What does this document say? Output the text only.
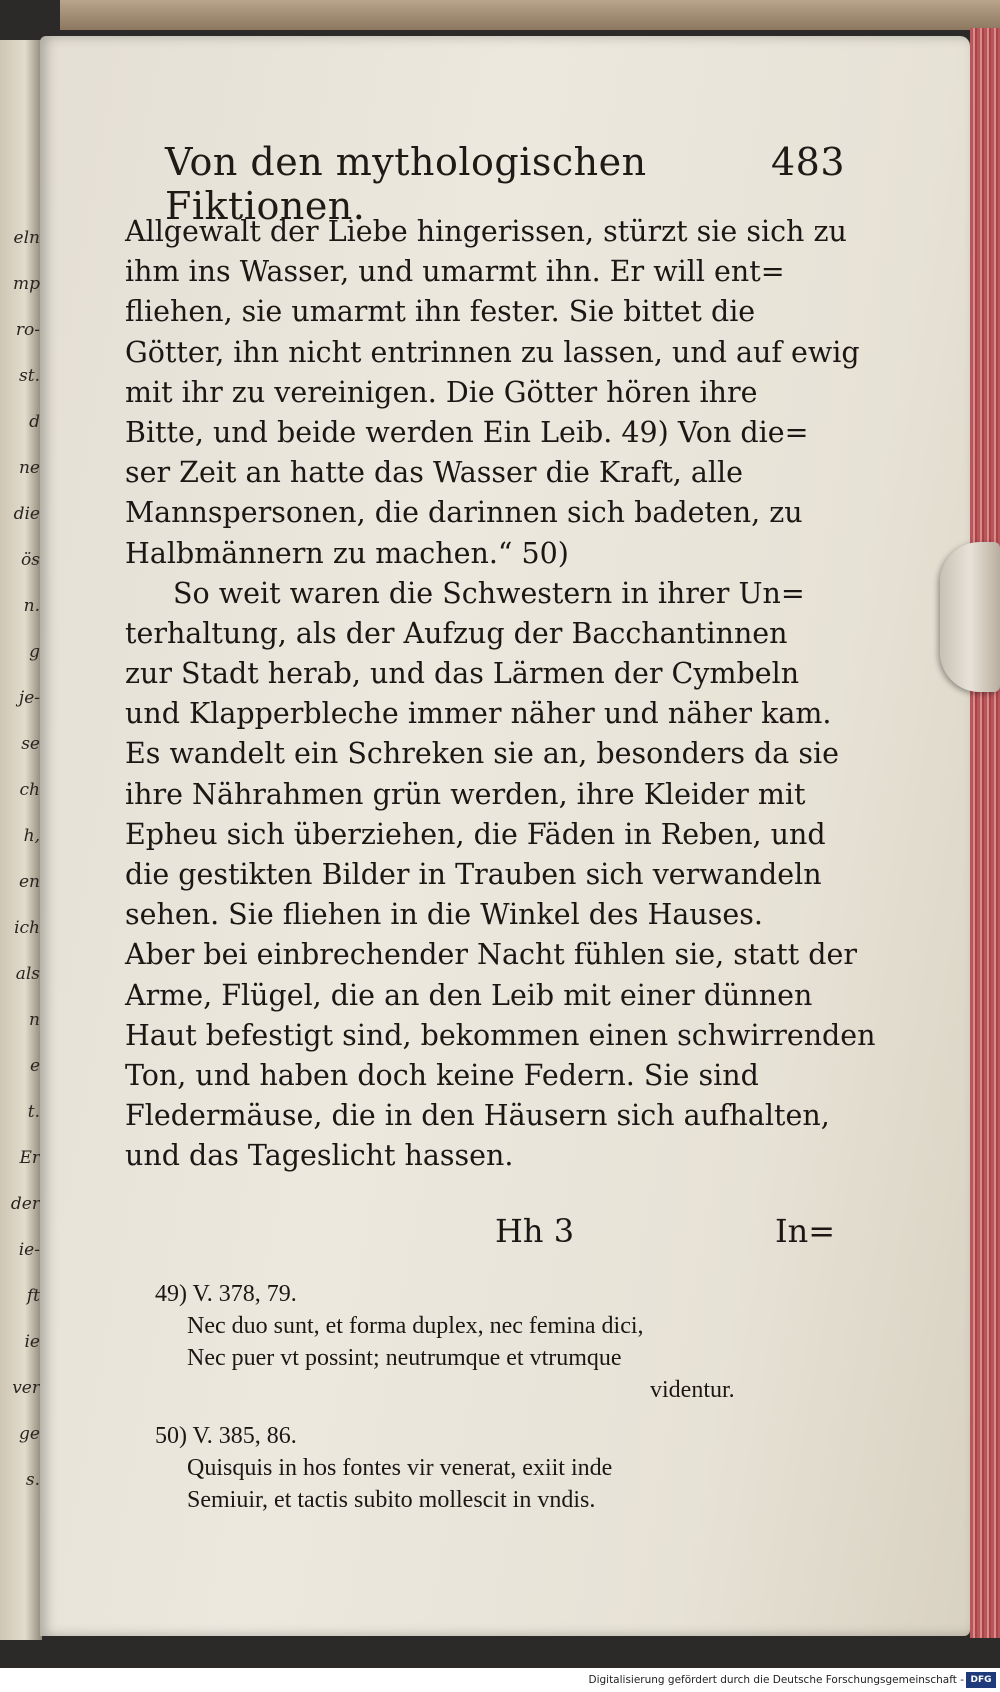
eln
mp
ro-
st.
d
ne
die
ös
n.
g
je-
se
ch
h,
en
ich
als
n
e
t.
Er
der
ie-
ft
ie
ver
ge
s.
Von den mythologischen Fiktionen.
483
Allgewalt der Liebe hingerissen, stürzt sie sich zu
ihm ins Wasser, und umarmt ihn. Er will ent=
fliehen, sie umarmt ihn fester. Sie bittet die
Götter, ihn nicht entrinnen zu lassen, und auf ewig
mit ihr zu vereinigen. Die Götter hören ihre
Bitte, und beide werden Ein Leib. 49) Von die=
ser Zeit an hatte das Wasser die Kraft, alle
Mannspersonen, die darinnen sich badeten, zu
Halbmännern zu machen.“ 50)
So weit waren die Schwestern in ihrer Un=
terhaltung, als der Aufzug der Bacchantinnen
zur Stadt herab, und das Lärmen der Cymbeln
und Klapperbleche immer näher und näher kam.
Es wandelt ein Schreken sie an, besonders da sie
ihre Nährahmen grün werden, ihre Kleider mit
Epheu sich überziehen, die Fäden in Reben, und
die gestikten Bilder in Trauben sich verwandeln
sehen. Sie fliehen in die Winkel des Hauses.
Aber bei einbrechender Nacht fühlen sie, statt der
Arme, Flügel, die an den Leib mit einer dünnen
Haut befestigt sind, bekommen einen schwirrenden
Ton, und haben doch keine Federn. Sie sind
Fledermäuse, die in den Häusern sich aufhalten,
und das Tageslicht hassen.
Hh 3	In=
49) V. 378, 79.
Nec duo sunt, et forma duplex, nec femina dici,
Nec puer vt possint; neutrumque et vtrumque
videntur.
50) V. 385, 86.
Quisquis in hos fontes vir venerat, exiit inde
Semiuir, et tactis subito mollescit in vndis.
Digitalisierung gefördert durch die Deutsche Forschungsgemeinschaft - DFG
